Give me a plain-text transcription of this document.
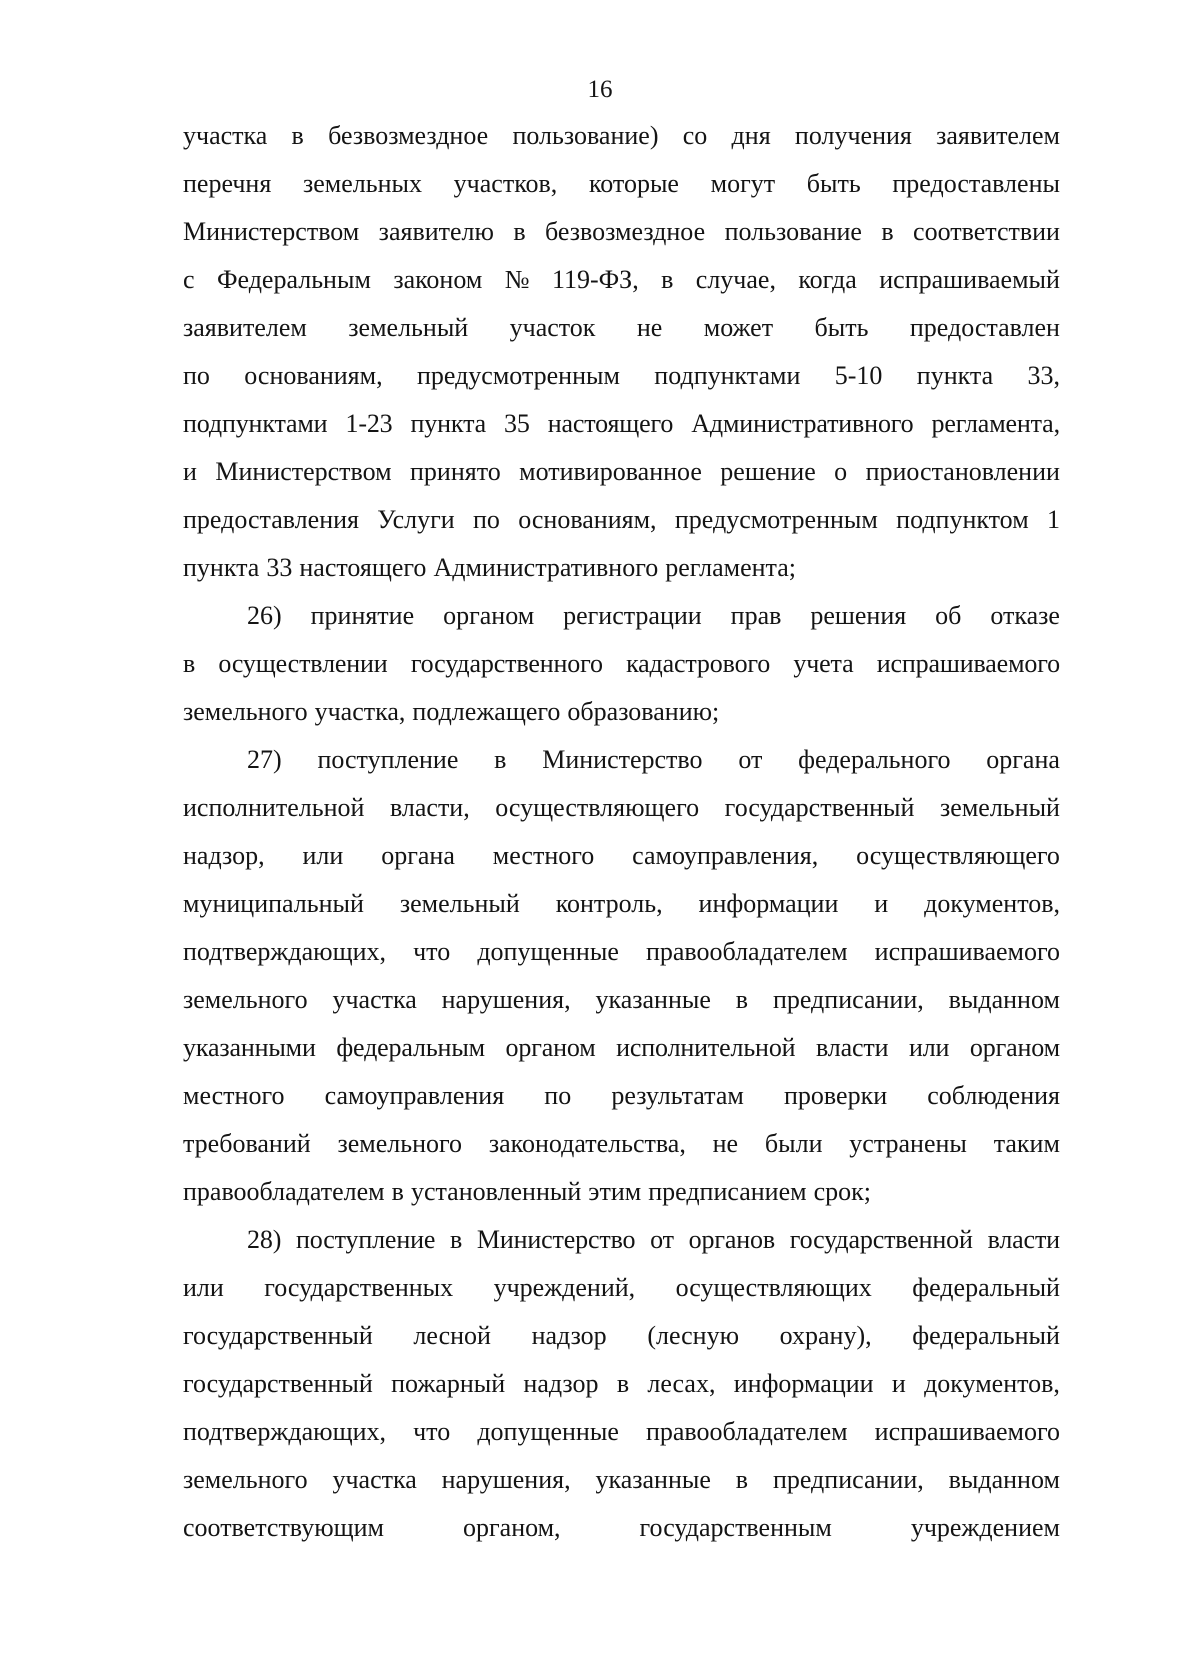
16
участка в безвозмездное пользование) со дня получения заявителем
перечня земельных участков, которые могут быть предоставлены
Министерством заявителю в безвозмездное пользование в соответствии
с Федеральным законом № 119-ФЗ, в случае, когда испрашиваемый
заявителем земельный участок не может быть предоставлен
по основаниям, предусмотренным подпунктами 5-10 пункта 33,
подпунктами 1-23 пункта 35 настоящего Административного регламента,
и Министерством принято мотивированное решение о приостановлении
предоставления Услуги по основаниям, предусмотренным подпунктом 1
пункта 33 настоящего Административного регламента;
26) принятие органом регистрации прав решения об отказе
в осуществлении государственного кадастрового учета испрашиваемого
земельного участка, подлежащего образованию;
27) поступление в Министерство от федерального органа
исполнительной власти, осуществляющего государственный земельный
надзор, или органа местного самоуправления, осуществляющего
муниципальный земельный контроль, информации и документов,
подтверждающих, что допущенные правообладателем испрашиваемого
земельного участка нарушения, указанные в предписании, выданном
указанными федеральным органом исполнительной власти или органом
местного самоуправления по результатам проверки соблюдения
требований земельного законодательства, не были устранены таким
правообладателем в установленный этим предписанием срок;
28) поступление в Министерство от органов государственной власти
или государственных учреждений, осуществляющих федеральный
государственный лесной надзор (лесную охрану), федеральный
государственный пожарный надзор в лесах, информации и документов,
подтверждающих, что допущенные правообладателем испрашиваемого
земельного участка нарушения, указанные в предписании, выданном
соответствующим	органом,	государственным	учреждением
